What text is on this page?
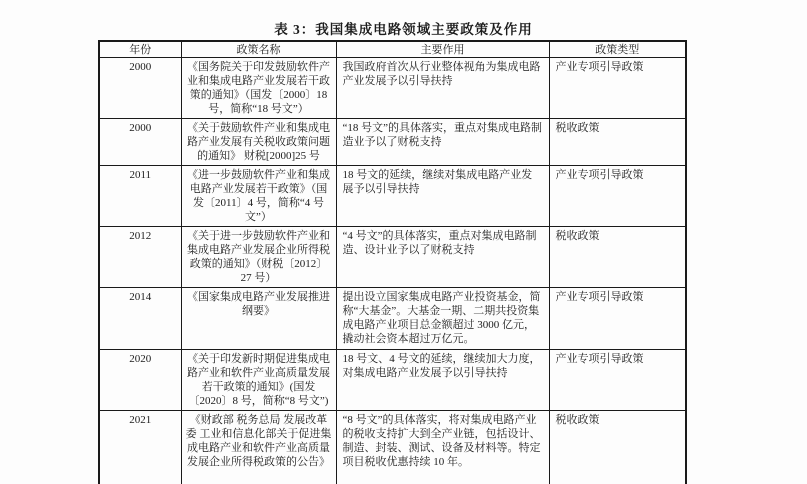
表 3：我国集成电路领域主要政策及作用
年份	政策名称	主要作用	政策类型
2000	《国务院关于印发鼓励软件产业和集成电路产业发展若干政策的通知》（国发〔2000〕18 号，简称“18 号文”）	我国政府首次从行业整体视角为集成电路产业发展予以引导扶持	产业专项引导政策
2000	《关于鼓励软件产业和集成电路产业发展有关税收政策问题的通知》 财税[2000]25 号	“18 号文”的具体落实，重点对集成电路制造业予以了财税支持	税收政策
2011	《进一步鼓励软件产业和集成电路产业发展若干政策》（国发〔2011〕4 号，简称“4 号文”）	18 号文的延续，继续对集成电路产业发展予以引导扶持	产业专项引导政策
2012	《关于进一步鼓励软件产业和集成电路产业发展企业所得税政策的通知》（财税〔2012〕27 号）	“4 号文”的具体落实，重点对集成电路制造、设计业予以了财税支持	税收政策
2014	《国家集成电路产业发展推进纲要》	提出设立国家集成电路产业投资基金，简称“大基金”。大基金一期、二期共投资集成电路产业项目总金额超过 3000 亿元，撬动社会资本超过万亿元。	产业专项引导政策
2020	《关于印发新时期促进集成电路产业和软件产业高质量发展若干政策的通知》(国发〔2020〕8 号，简称“8 号文”)	18 号文、4 号文的延续，继续加大力度，对集成电路产业发展予以引导扶持	产业专项引导政策
2021	《财政部 税务总局 发展改革委 工业和信息化部关于促进集成电路产业和软件产业高质量发展企业所得税政策的公告》	“8 号文”的具体落实，将对集成电路产业的税收支持扩大到全产业链，包括设计、制造、封装、测试、设备及材料等。特定项目税收优惠持续 10 年。	税收政策
